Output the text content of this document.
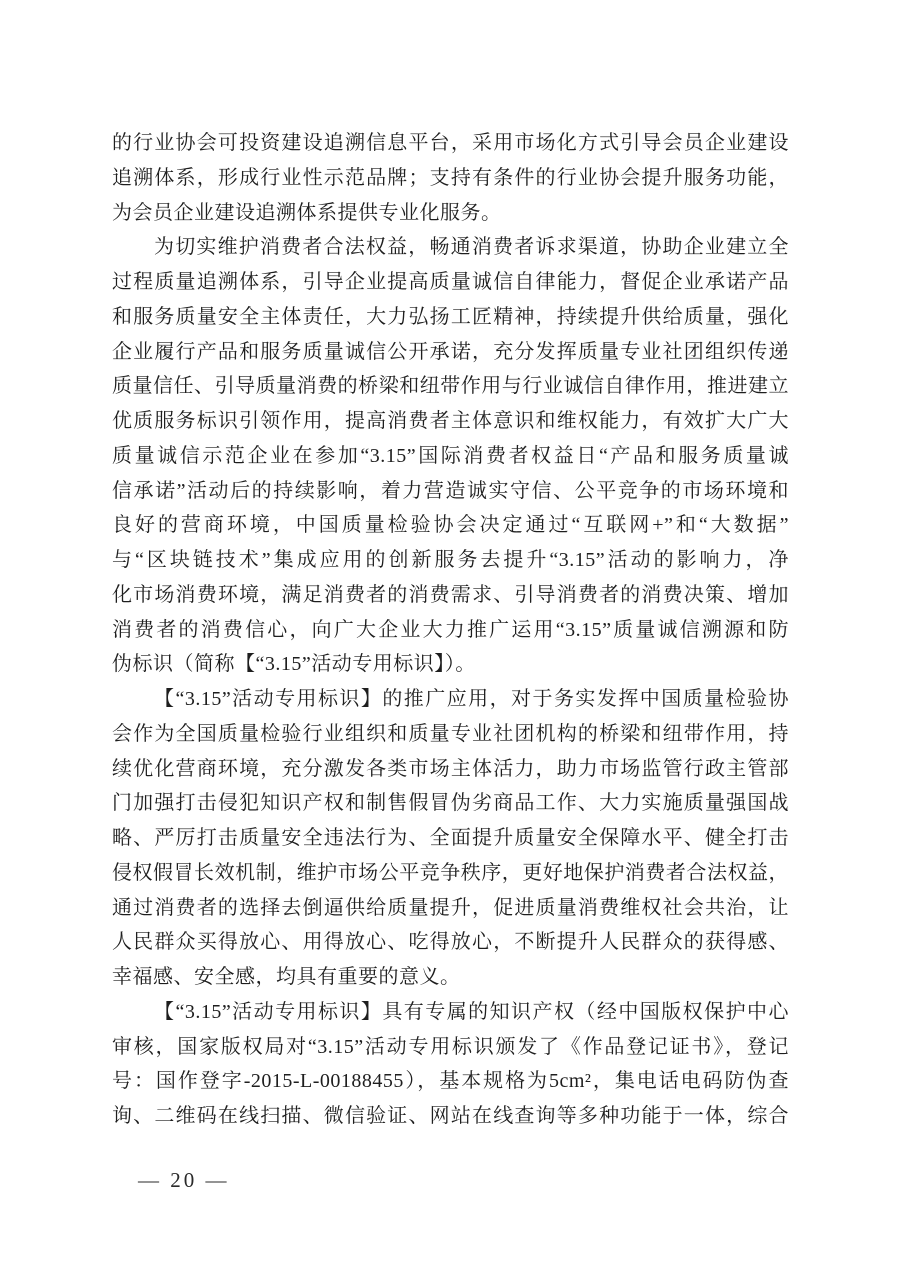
的行业协会可投资建设追溯信息平台，采用市场化方式引导会员企业建设
追溯体系，形成行业性示范品牌；支持有条件的行业协会提升服务功能，
为会员企业建设追溯体系提供专业化服务。
为切实维护消费者合法权益，畅通消费者诉求渠道，协助企业建立全
过程质量追溯体系，引导企业提高质量诚信自律能力，督促企业承诺产品
和服务质量安全主体责任，大力弘扬工匠精神，持续提升供给质量，强化
企业履行产品和服务质量诚信公开承诺，充分发挥质量专业社团组织传递
质量信任、引导质量消费的桥梁和纽带作用与行业诚信自律作用，推进建立
优质服务标识引领作用，提高消费者主体意识和维权能力，有效扩大广大
质量诚信示范企业在参加“3.15”国际消费者权益日“产品和服务质量诚
信承诺”活动后的持续影响，着力营造诚实守信、公平竞争的市场环境和
良好的营商环境，中国质量检验协会决定通过“互联网+”和“大数据”
与“区块链技术”集成应用的创新服务去提升“3.15”活动的影响力，净
化市场消费环境，满足消费者的消费需求、引导消费者的消费决策、增加
消费者的消费信心，向广大企业大力推广运用“3.15”质量诚信溯源和防
伪标识（简称【“3.15”活动专用标识】）。
【“3.15”活动专用标识】的推广应用，对于务实发挥中国质量检验协
会作为全国质量检验行业组织和质量专业社团机构的桥梁和纽带作用，持
续优化营商环境，充分激发各类市场主体活力，助力市场监管行政主管部
门加强打击侵犯知识产权和制售假冒伪劣商品工作、大力实施质量强国战
略、严厉打击质量安全违法行为、全面提升质量安全保障水平、健全打击
侵权假冒长效机制，维护市场公平竞争秩序，更好地保护消费者合法权益，
通过消费者的选择去倒逼供给质量提升，促进质量消费维权社会共治，让
人民群众买得放心、用得放心、吃得放心，不断提升人民群众的获得感、
幸福感、安全感，均具有重要的意义。
【“3.15”活动专用标识】具有专属的知识产权（经中国版权保护中心
审核，国家版权局对“3.15”活动专用标识颁发了《作品登记证书》，登记
号：国作登字-2015-L-00188455），基本规格为5cm²，集电话电码防伪查
询、二维码在线扫描、微信验证、网站在线查询等多种功能于一体，综合
— 20 —
